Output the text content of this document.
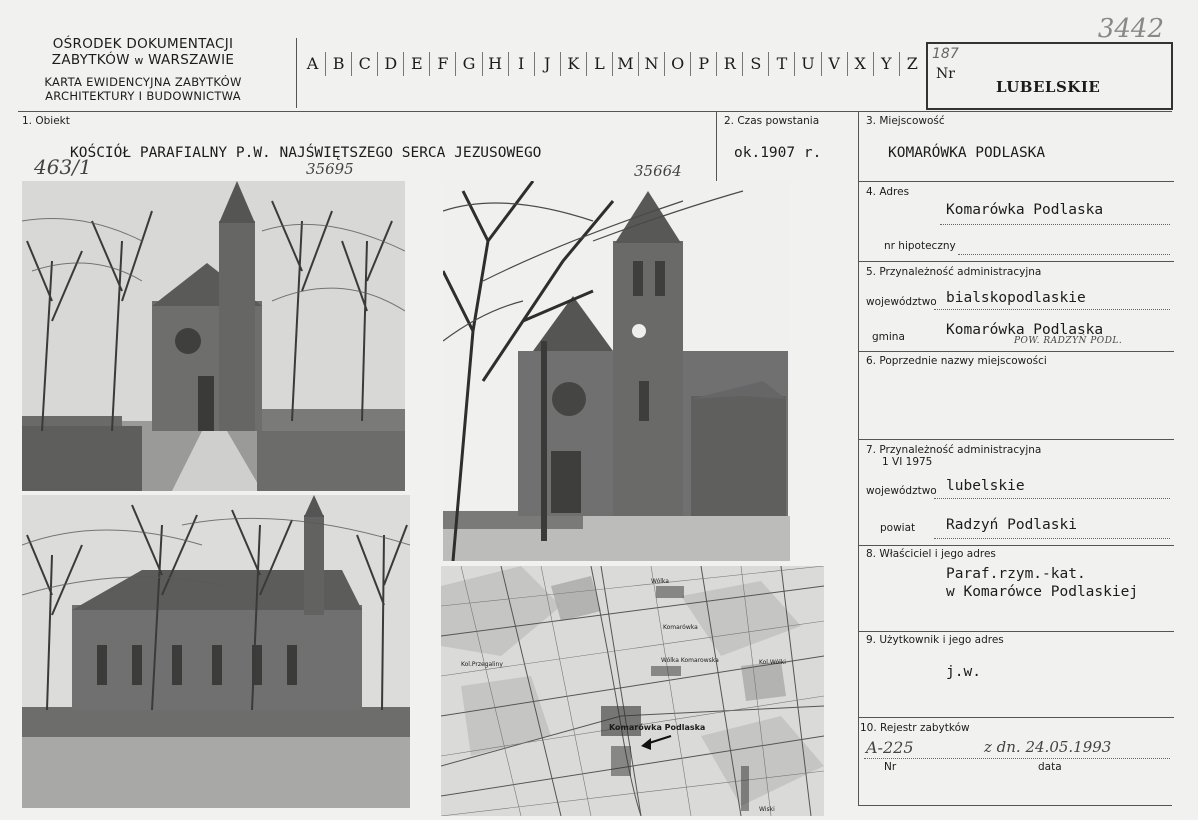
OŚRODEK DOKUMENTACJI
ZABYTKÓW w WARSZAWIE
KARTA EWIDENCYJNA ZABYTKÓW
ARCHITEKTURY I BUDOWNICTWA
A B C D E F G H I	J	K L M N O P R S T U V X Y Z
3442
187
Nr
LUBELSKIE
1. Obiekt
KOŚCIÓŁ PARAFIALNY P.W. NAJŚWIĘTSZEGO SERCA JEZUSOWEGO
463/1
2. Czas powstania
ok.1907 r.
3. Miejscowość
KOMARÓWKA PODLASKA
4. Adres
Komarówka Podlaska
nr hipoteczny
5. Przynależność administracyjna
województwo bialskopodlaskie
gmina	Komarówka Podlaska
POW. RADZYŃ PODL.
6. Poprzednie nazwy miejscowości
7. Przynależność administracyjna
1 VI 1975
województwo lubelskie
powiat Radzyń Podlaski
8. Właściciel i jego adres
Paraf.rzym.-kat.
w Komarówce Podlaskiej
9. Użytkownik i jego adres
j.w.
10. Rejestr zabytków
A-225	z dn. 24.05.1993
Nr	data
35695	35664
Komarówka
Wólka
Kol.Wólki
Wólka Komarowska
Kol.Przegaliny
Wiski
Komarówka Podlaska
